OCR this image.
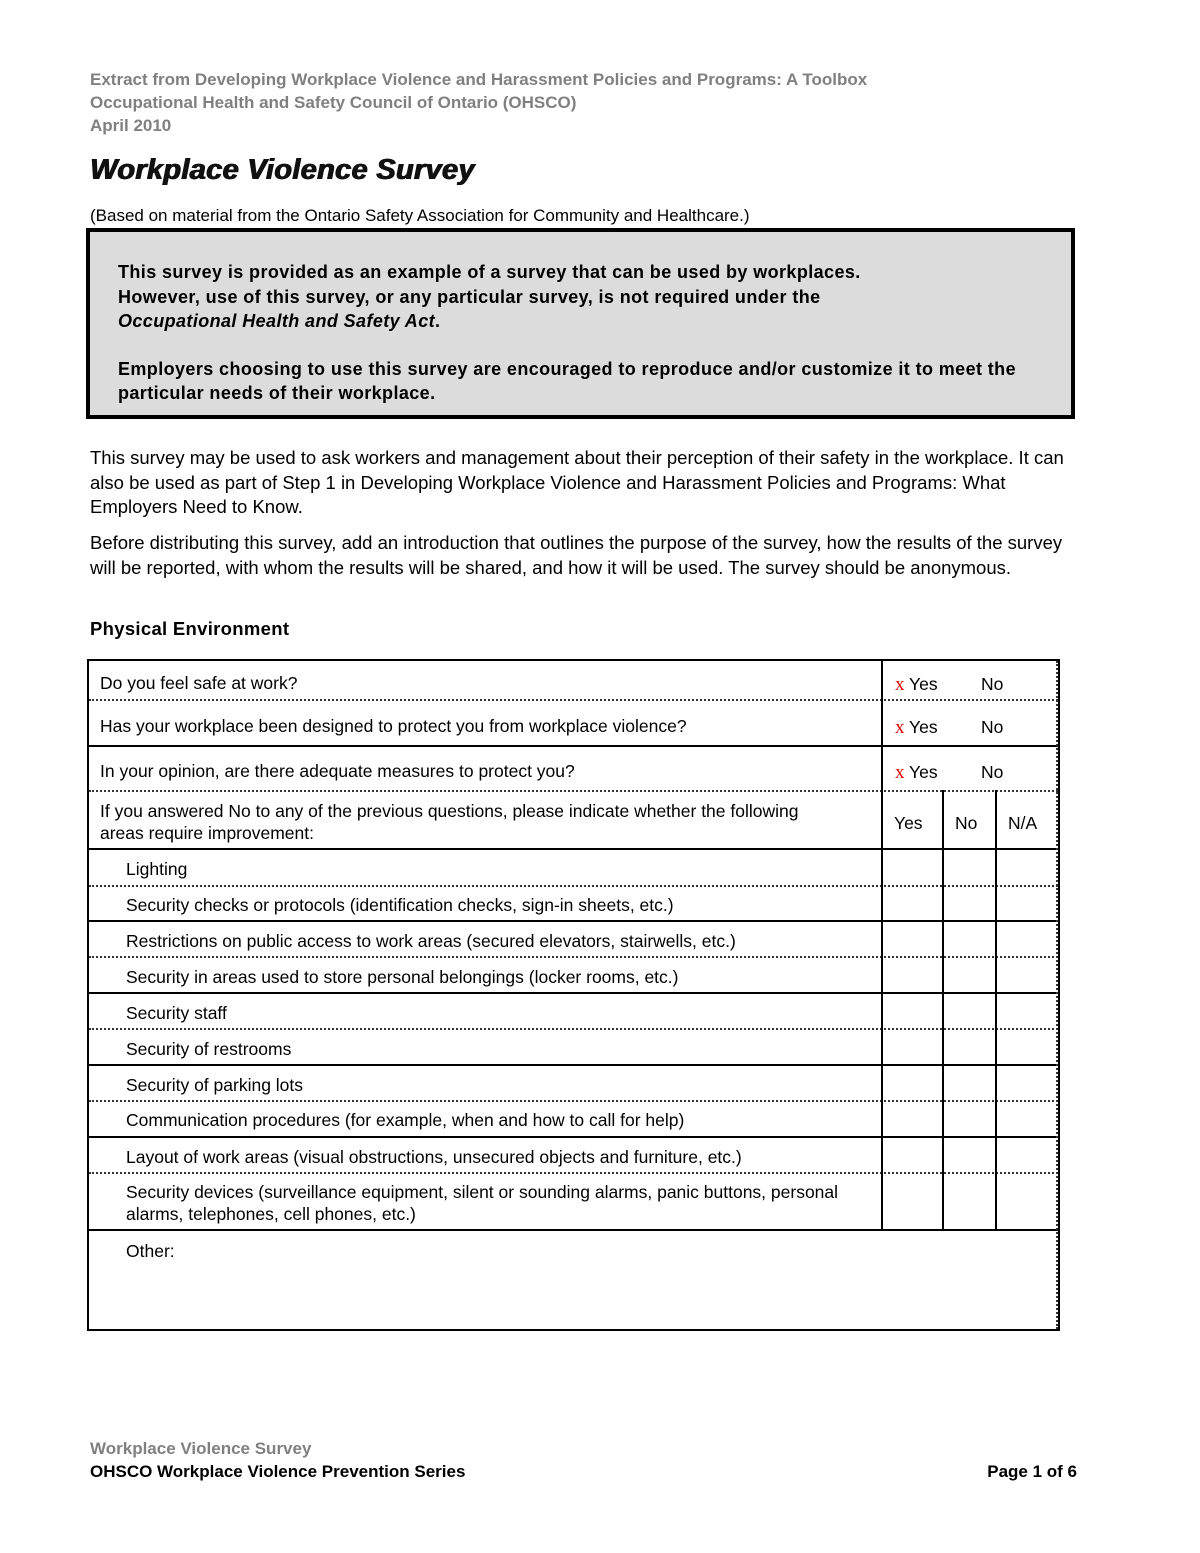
Extract from Developing Workplace Violence and Harassment Policies and Programs: A Toolbox
Occupational Health and Safety Council of Ontario (OHSCO)
April 2010
Workplace Violence Survey
(Based on material from the Ontario Safety Association for Community and Healthcare.)

This survey is provided as an example of a survey that can be used by workplaces.
However, use of this survey, or any particular survey, is not required under the
Occupational Health and Safety Act.

Employers choosing to use this survey are encouraged to reproduce and/or customize it to meet the particular needs of their workplace.

This survey may be used to ask workers and management about their perception of their safety in the workplace. It can also be used as part of Step 1 in Developing Workplace Violence and Harassment Policies and Programs: What Employers Need to Know.

Before distributing this survey, add an introduction that outlines the purpose of the survey, how the results of the survey will be reported, with whom the results will be shared, and how it will be used. The survey should be anonymous.

Physical Environment
Do you feel safe at work?	x Yes No
Has your workplace been designed to protect you from workplace violence?	x Yes No
In your opinion, are there adequate measures to protect you?	x Yes No
If you answered No to any of the previous questions, please indicate whether the following areas require improvement:	Yes No N/A
Lighting
Security checks or protocols (identification checks, sign-in sheets, etc.)
Restrictions on public access to work areas (secured elevators, stairwells, etc.)
Security in areas used to store personal belongings (locker rooms, etc.)
Security staff
Security of restrooms
Security of parking lots
Communication procedures (for example, when and how to call for help)
Layout of work areas (visual obstructions, unsecured objects and furniture, etc.)
Security devices (surveillance equipment, silent or sounding alarms, panic buttons, personal alarms, telephones, cell phones, etc.)
Other:
Workplace Violence Survey
OHSCO Workplace Violence Prevention Series	Page 1 of 6
